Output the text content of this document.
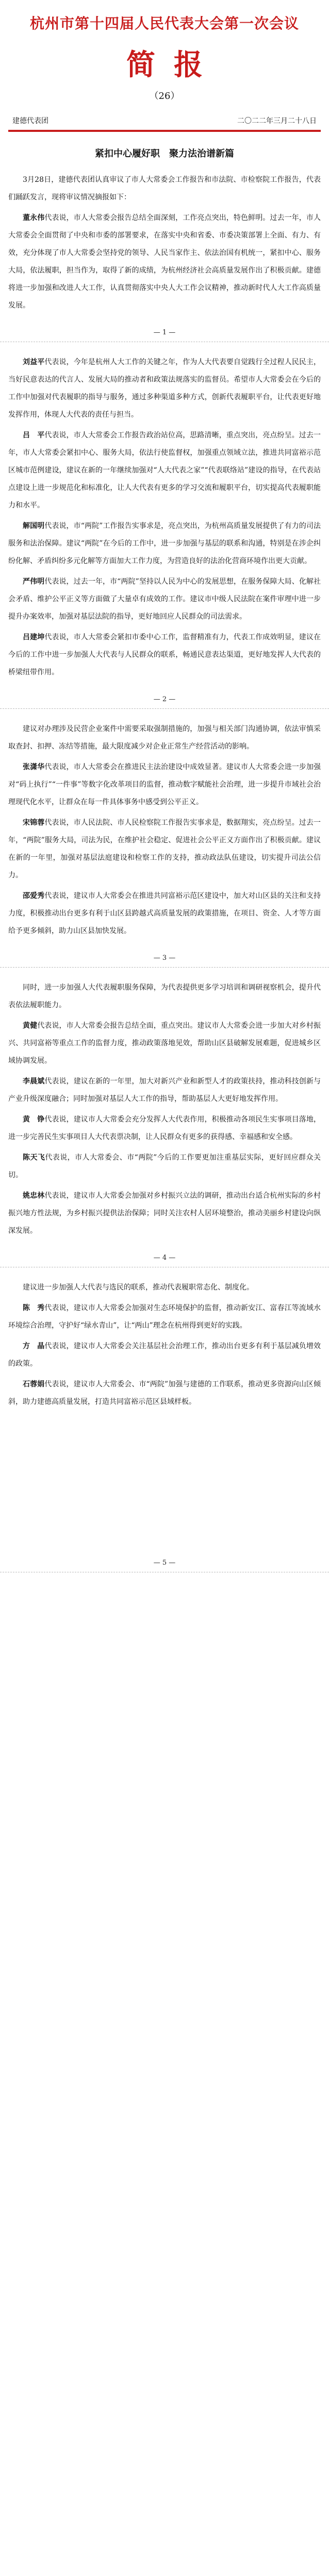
杭州市第十四届人民代表大会第一次会议
简报
（26）
建德代表团	二〇二二年三月二十八日
紧扣中心履好职　聚力法治谱新篇

3月28日，建德代表团认真审议了市人大常委会工作报告和市法院、市检察院工作报告，代表们踊跃发言，现将审议情况摘报如下：

董永伟代表说，市人大常委会报告总结全面深刻，工作亮点突出，特色鲜明。过去一年，市人大常委会全面贯彻了中央和市委的部署要求，在落实中央和省委、市委决策部署上全面、有力、有效，充分体现了市人大常委会坚持党的领导、人民当家作主、依法治国有机统一，紧扣中心、服务大局，依法履职，担当作为，取得了新的成绩，为杭州经济社会高质量发展作出了积极贡献。建德将进一步加强和改进人大工作，认真贯彻落实中央人大工作会议精神，推动新时代人大工作高质量发展。

— 1 —

刘益平代表说，今年是杭州人大工作的关键之年，作为人大代表要自觉践行全过程人民民主，当好民意表达的代言人、发展大局的推动者和政策法规落实的监督员。希望市人大常委会在今后的工作中加强对代表履职的指导与服务，通过多种渠道多种方式，创新代表履职平台，让代表更好地发挥作用，体现人大代表的责任与担当。

吕　平代表说，市人大常委会工作报告政治站位高，思路清晰，重点突出，亮点纷呈。过去一年，市人大常委会紧扣中心、服务大局，依法行使监督权，加强重点领域立法，推进共同富裕示范区城市范例建设，建议在新的一年继续加强对“人大代表之家”“代表联络站”建设的指导，在代表站点建设上进一步规范化和标准化，让人大代表有更多的学习交流和履职平台，切实提高代表履职能力和水平。

解国明代表说，市“两院”工作报告实事求是，亮点突出，为杭州高质量发展提供了有力的司法服务和法治保障。建议“两院”在今后的工作中，进一步加强与基层的联系和沟通，特别是在涉企纠纷化解、矛盾纠纷多元化解等方面加大工作力度，为营造良好的法治化营商环境作出更大贡献。

严伟明代表说，过去一年，市“两院”坚持以人民为中心的发展思想，在服务保障大局、化解社会矛盾、维护公平正义等方面做了大量卓有成效的工作。建议市中级人民法院在案件审理中进一步提升办案效率，加强对基层法院的指导，更好地回应人民群众的司法需求。

吕建坤代表说，市人大常委会紧扣市委中心工作，监督精准有力，代表工作成效明显，建议在今后的工作中进一步加强人大代表与人民群众的联系，畅通民意表达渠道，更好地发挥人大代表的桥梁纽带作用。

— 2 —

建议对办理涉及民营企业案件中需要采取强制措施的，加强与相关部门沟通协调，依法审慎采取查封、扣押、冻结等措施，最大限度减少对企业正常生产经营活动的影响。

张潇华代表说，市人大常委会在推进民主法治建设中成效显著。建议市人大常委会进一步加强对“码上执行”“一件事”等数字化改革项目的监督，推动数字赋能社会治理，进一步提升市域社会治理现代化水平，让群众在每一件具体事务中感受到公平正义。

宋锦蓉代表说，市人民法院、市人民检察院工作报告实事求是，数据翔实，亮点纷呈。过去一年，“两院”服务大局，司法为民，在维护社会稳定、促进社会公平正义方面作出了积极贡献。建议在新的一年里，加强对基层法庭建设和检察工作的支持，推动政法队伍建设，切实提升司法公信力。

邵爱秀代表说，建议市人大常委会在推进共同富裕示范区建设中，加大对山区县的关注和支持力度，积极推动出台更多有利于山区县跨越式高质量发展的政策措施，在项目、资金、人才等方面给予更多倾斜，助力山区县加快发展。

— 3 —

同时，进一步加强人大代表履职服务保障，为代表提供更多学习培训和调研视察机会，提升代表依法履职能力。

黄健代表说，市人大常委会报告总结全面，重点突出。建议市人大常委会进一步加大对乡村振兴、共同富裕等重点工作的监督力度，推动政策落地见效，帮助山区县破解发展难题，促进城乡区域协调发展。

李晨斌代表说，建议在新的一年里，加大对新兴产业和新型人才的政策扶持，推动科技创新与产业升级深度融合；同时加强对基层人大工作的指导，帮助基层人大更好地发挥作用。

黄　铮代表说，建议市人大常委会充分发挥人大代表作用，积极推动各项民生实事项目落地，进一步完善民生实事项目人大代表票决制，让人民群众有更多的获得感、幸福感和安全感。

陈天飞代表说，市人大常委会、市“两院”今后的工作要更加注重基层实际，更好回应群众关切。

姚忠林代表说，建议市人大常委会加强对乡村振兴立法的调研，推动出台适合杭州实际的乡村振兴地方性法规，为乡村振兴提供法治保障；同时关注农村人居环境整治，推动美丽乡村建设向纵深发展。

— 4 —

建议进一步加强人大代表与选民的联系，推动代表履职常态化、制度化。

陈　秀代表说，建议市人大常委会加强对生态环境保护的监督，推动新安江、富春江等流域水环境综合治理，守护好“绿水青山”，让“两山”理念在杭州得到更好的实践。

方　晶代表说，建议市人大常委会关注基层社会治理工作，推动出台更多有利于基层减负增效的政策。

石蓉娟代表说，建议市人大常委会、市“两院”加强与建德的工作联系，推动更多资源向山区倾斜，助力建德高质量发展，打造共同富裕示范区县域样板。

— 5 —
